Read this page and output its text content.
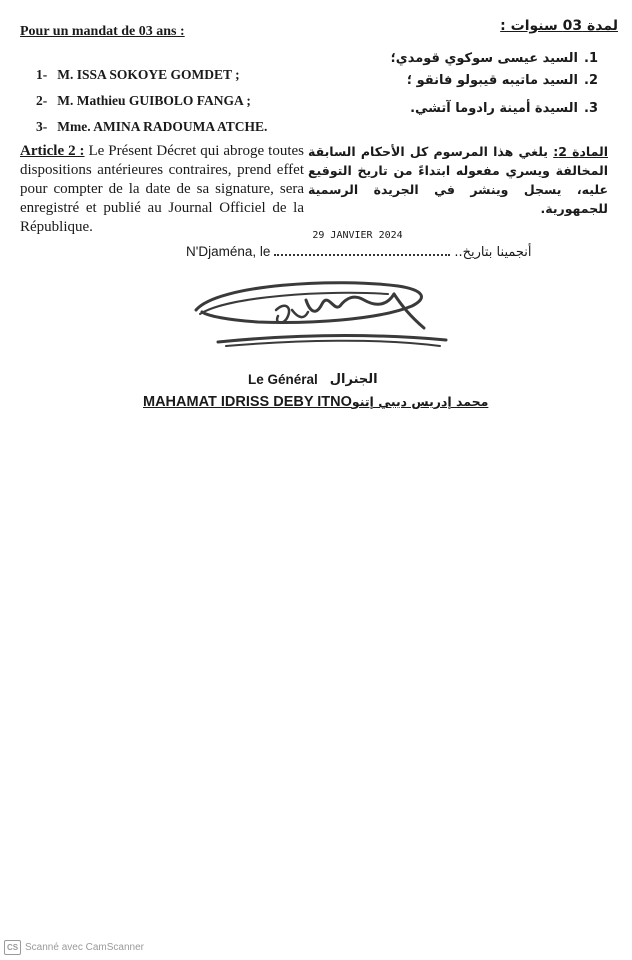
Pour un mandat de 03 ans :	لمدة 03 سنوات :
1- M. ISSA SOKOYE GOMDET ;
2- M. Mathieu GUIBOLO FANGA ;
3- Mme. AMINA RADOUMA ATCHE.
1.
السيد عيسى سوكوي قومدي؛
2.
السيد ماتيبه قيبولو فانقو ؛
3.
السيدة أمينة رادوما آتشي.
Article 2 : Le Présent Décret qui abroge toutes dispositions antérieures contraires, prend effet pour compter de la date de sa signature, sera enregistré et publié au Journal Officiel de la République.
المادة 2: يلغي هذا المرسوم كل الأحكام السابقة المخالفة ويسري مفعوله ابتداءً من تاريخ التوقيع عليه، يسجل وينشر في الجريدة الرسمية للجمهورية.
N'Djaména, le
29 JANVIER 2024
أنجمينا بتاريخ..
Le Général الجنرال
MAHAMAT IDRISS DEBY ITNO محمد إدريس ديبي إتنو
CS Scanné avec CamScanner
